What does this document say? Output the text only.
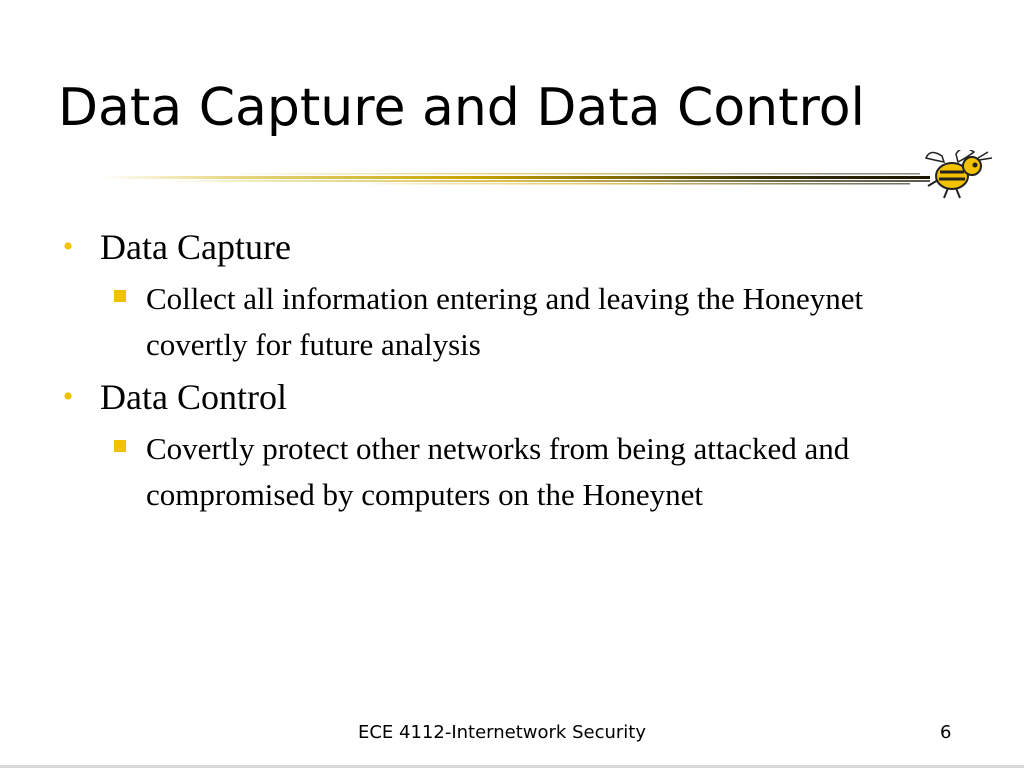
Data Capture and Data Control
• Data Capture
Collect all information entering and leaving the Honeynet covertly for future analysis
• Data Control
Covertly protect other networks from being attacked and compromised by computers on the Honeynet
ECE 4112-Internetwork Security	6
